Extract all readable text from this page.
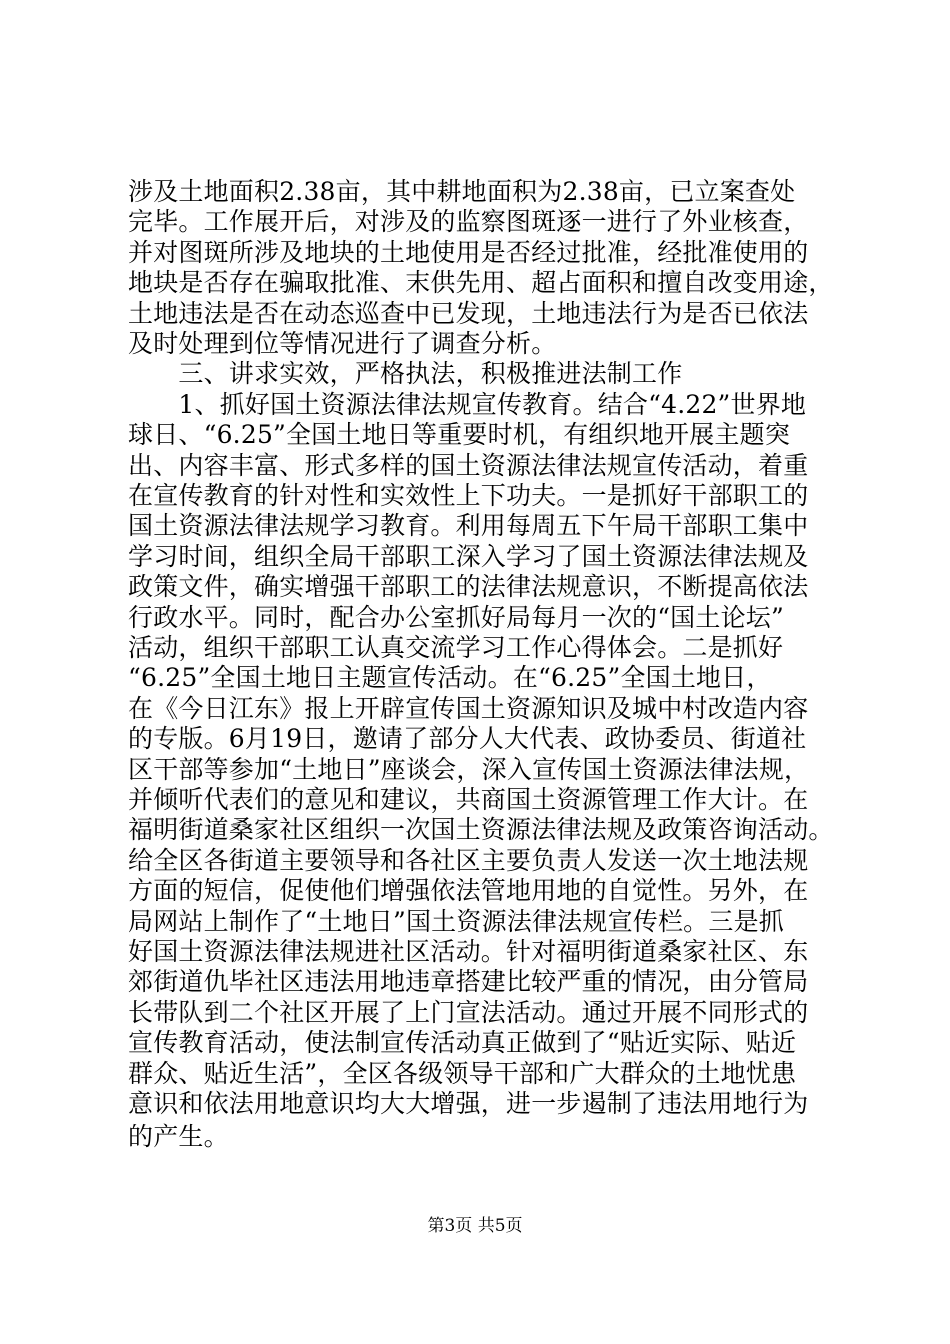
涉及土地面积2.38亩，其中耕地面积为2.38亩，已立案查处
完毕。工作展开后，对涉及的监察图斑逐一进行了外业核查，
并对图斑所涉及地块的土地使用是否经过批准，经批准使用的
地块是否存在骗取批准、末供先用、超占面积和擅自改变用途，
土地违法是否在动态巡查中已发现，土地违法行为是否已依法
及时处理到位等情况进行了调查分析。
　　三、讲求实效，严格执法，积极推进法制工作
　　1、抓好国土资源法律法规宣传教育。结合“4.22”世界地
球日、“6.25”全国土地日等重要时机，有组织地开展主题突
出、内容丰富、形式多样的国土资源法律法规宣传活动，着重
在宣传教育的针对性和实效性上下功夫。一是抓好干部职工的
国土资源法律法规学习教育。利用每周五下午局干部职工集中
学习时间，组织全局干部职工深入学习了国土资源法律法规及
政策文件，确实增强干部职工的法律法规意识，不断提高依法
行政水平。同时，配合办公室抓好局每月一次的“国土论坛”
活动，组织干部职工认真交流学习工作心得体会。二是抓好
“6.25”全国土地日主题宣传活动。在“6.25”全国土地日，
在《今日江东》报上开辟宣传国土资源知识及城中村改造内容
的专版。6月19日，邀请了部分人大代表、政协委员、街道社
区干部等参加“土地日”座谈会，深入宣传国土资源法律法规，
并倾听代表们的意见和建议，共商国土资源管理工作大计。在
福明街道桑家社区组织一次国土资源法律法规及政策咨询活动。
给全区各街道主要领导和各社区主要负责人发送一次土地法规
方面的短信，促使他们增强依法管地用地的自觉性。另外，在
局网站上制作了“土地日”国土资源法律法规宣传栏。三是抓
好国土资源法律法规进社区活动。针对福明街道桑家社区、东
郊街道仇毕社区违法用地违章搭建比较严重的情况，由分管局
长带队到二个社区开展了上门宣法活动。通过开展不同形式的
宣传教育活动，使法制宣传活动真正做到了“贴近实际、贴近
群众、贴近生活”，全区各级领导干部和广大群众的土地忧患
意识和依法用地意识均大大增强，进一步遏制了违法用地行为
的产生。
第3页 共5页
